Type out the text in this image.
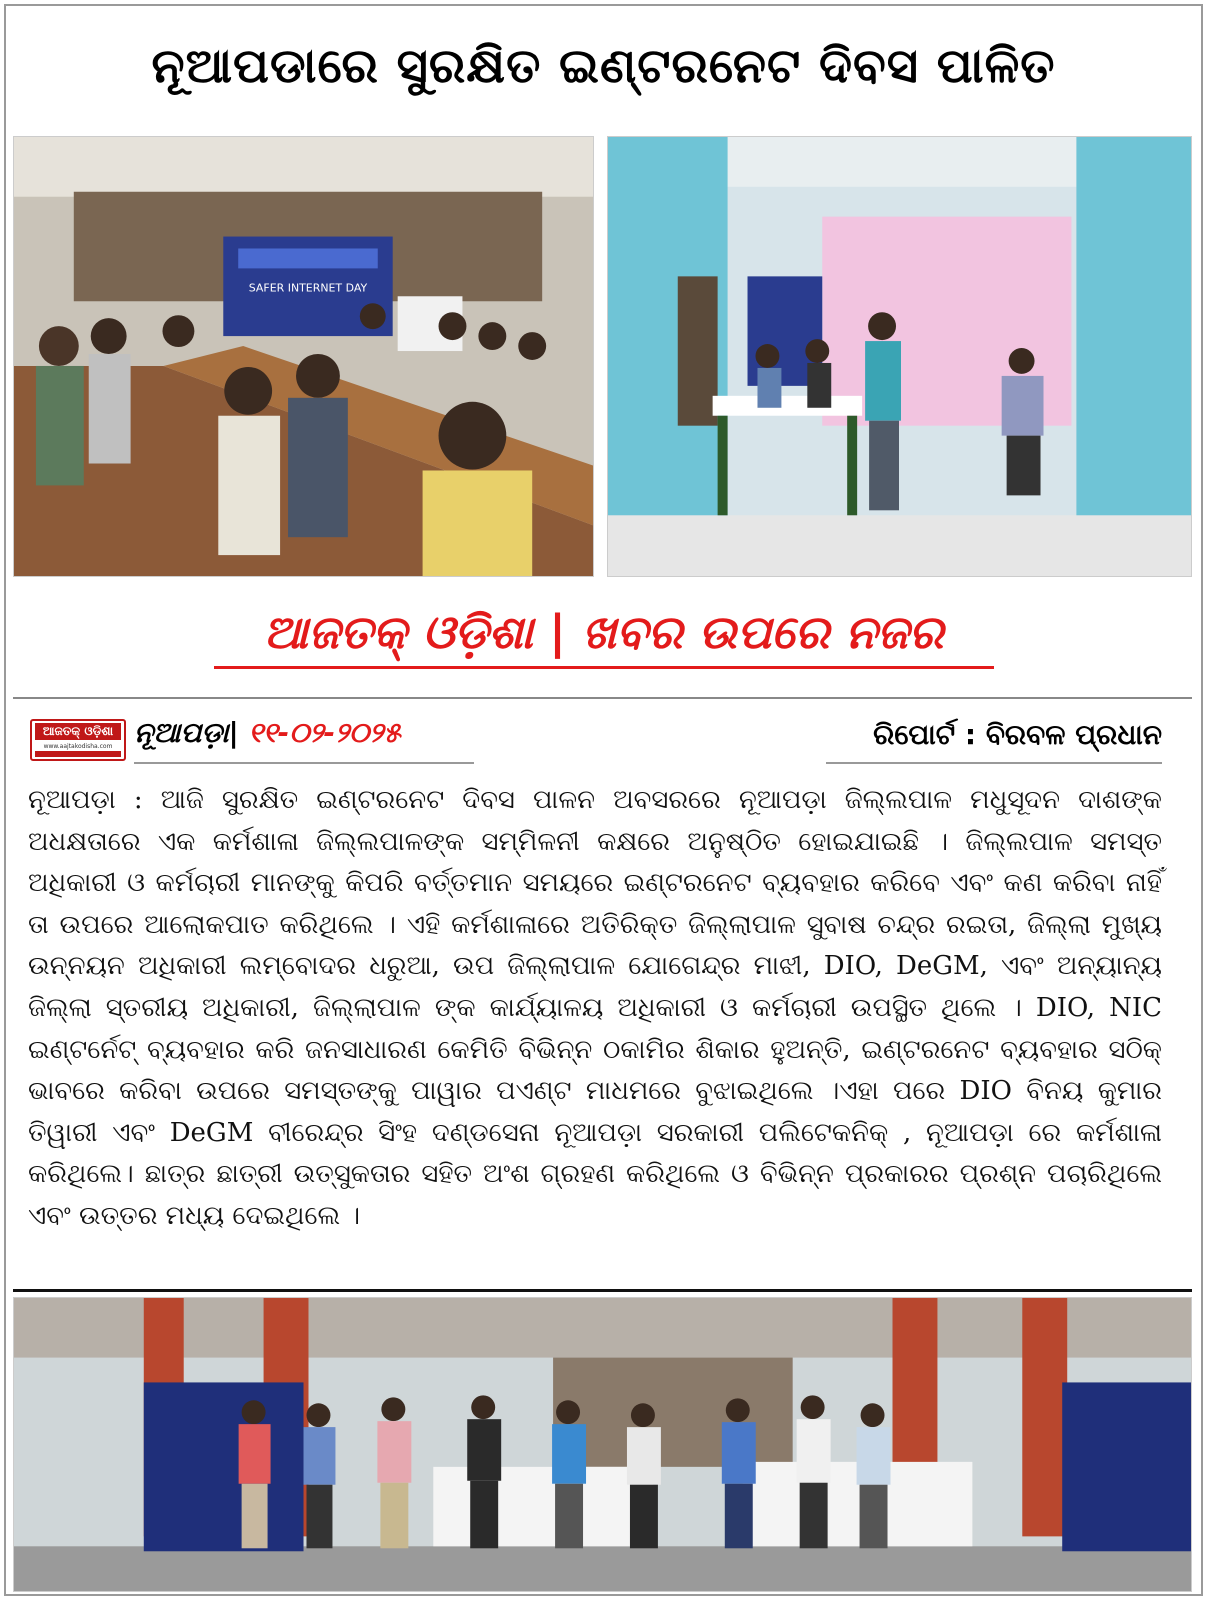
ନୂଆପଡାରେ ସୁରକ୍ଷିତ ଇଣ୍ଟରନେଟ ଦିବସ ପାଳିତ
SAFER INTERNET DAY
ଆଜତକ୍ ଓଡ଼ିଶା | ଖବର ଉପରେ ନଜର
ଆଜତକ୍ ଓଡ଼ିଶା
www.aajtakodisha.com ନୂଆପଡ଼ା| ୧୧-୦୨-୨୦୨୫	ରିପୋର୍ଟ : ବିରବଳ ପ୍ରଧାନ

ନୂଆପଡ଼ା : ଆଜି ସୁରକ୍ଷିତ ଇଣ୍ଟରନେଟ ଦିବସ ପାଳନ ଅବସରରେ ନୂଆପଡ଼ା ଜିଲ୍ଲପାଳ ମଧୁସୂଦନ ଦାଶଙ୍କ ଅଧକ୍ଷତାରେ ଏକ କର୍ମଶାଳା ଜିଲ୍ଲପାଳଙ୍କ ସମ୍ମିଳନୀ କକ୍ଷରେ ଅନୁଷ୍ଠିତ ହୋଇଯାଇଛି । ଜିଲ୍ଲପାଳ ସମସ୍ତ ଅଧିକାରୀ ଓ କର୍ମଚାରୀ ମାନଙ୍କୁ କିପରି ବର୍ତ୍ତମାନ ସମୟରେ ଇଣ୍ଟରନେଟ ବ୍ୟବହାର କରିବେ ଏବଂ କଣ କରିବା ନାହିଁ ତା ଉପରେ ଆଲୋକପାତ କରିଥିଲେ । ଏହି କର୍ମଶାଳାରେ ଅତିରିକ୍ତ ଜିଲ୍ଲାପାଳ ସୁବାଷ ଚନ୍ଦ୍ର ରଇତା, ଜିଲ୍ଲା ମୁଖ୍ୟ ଉନ୍ନୟନ ଅଧିକାରୀ ଲମ୍ବୋଦର ଧରୁଆ, ଉପ ଜିଲ୍ଲାପାଳ ଯୋଗେନ୍ଦ୍ର ମାଝୀ, DIO, DeGM, ଏବଂ ଅନ୍ୟାନ୍ୟ ଜିଲ୍ଲା ସ୍ତରୀୟ ଅଧିକାରୀ, ଜିଲ୍ଲାପାଳ ଙ୍କ କାର୍ଯ୍ୟାଳୟ ଅଧିକାରୀ ଓ କର୍ମଚାରୀ ଉପସ୍ଥିତ ଥିଲେ । DIO, NIC ଇଣ୍ଟର୍ନେଟ୍ ବ୍ୟବହାର କରି ଜନସାଧାରଣ କେମିତି ବିଭିନ୍ନ ଠକାମିର ଶିକାର ହୁଅନ୍ତି, ଇଣ୍ଟରନେଟ ବ୍ୟବହାର ସଠିକ୍ ଭାବରେ କରିବା ଉପରେ ସମସ୍ତଙ୍କୁ ପାୱାର ପଏଣ୍ଟ ମାଧମରେ ବୁଝାଇଥିଲେ ।ଏହା ପରେ DIO ବିନୟ କୁମାର ତିୱାରୀ ଏବଂ DeGM ବୀରେନ୍ଦ୍ର ସିଂହ ଦଣ୍ଡସେନା ନୂଆପଡ଼ା ସରକାରୀ ପଲିଟେକନିକ୍ , ନୂଆପଡ଼ା ରେ କର୍ମଶାଳା କରିଥିଲେ। ଛାତ୍ର ଛାତ୍ରୀ ଉତ୍ସୁକତାର ସହିତ ଅଂଶ ଗ୍ରହଣ କରିଥିଲେ ଓ ବିଭିନ୍ନ ପ୍ରକାରର ପ୍ରଶ୍ନ ପଚାରିଥିଲେ ଏବଂ ଉତ୍ତର ମଧ୍ୟ ଦେଇଥିଲେ ।
